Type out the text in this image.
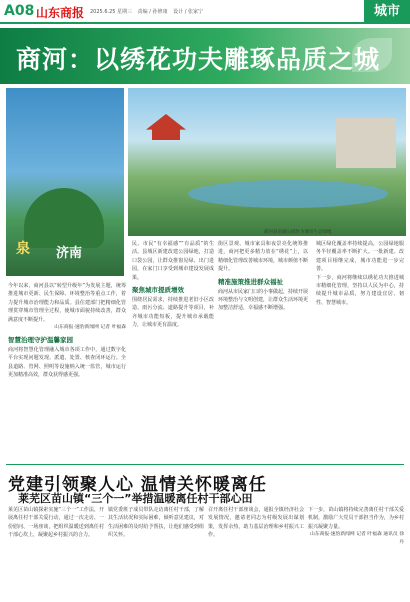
A08 山东商报 2025.6.25 星期三 责编 / 孙修康 设计 / 张家宁	城市
商河：以绣花功夫雕琢品质之城
泉 济南
商河县南湖公园作为城市生态绿地

今年以来，商河县以“转型升级年”为发展主题，统筹推进城市更新、民生保障、环境整治等重点工作，着力提升城市治理能力和品质。县住建部门把精细化管理贯穿城市管理全过程，使城市面貌持续改善，群众满意度不断提升。

山东商报·速豹新闻网 记者 叶福森

智慧治理守护温馨家园

商河将智慧化管理融入城市各项工作中，通过数字化平台实现问题发现、派遣、处置、核查闭环运行。全县道路、管网、照明等设施纳入统一监管，城市运行更加精准高效，群众获得感更强。

民、市民“有幸福感”“有品质”的生活。县城区新建改建公园绿地，打造口袋公园，让群众推窗见绿、出门进园，在家门口享受到城市建设发展成果。

聚焦城市提质增效

围绕居民需求，持续推进老旧小区改造、雨污分流、道路提升等项目，补齐城市功能短板，提升城市承载能力，让城市更有温度。

街区景观、城市家具和夜景亮化统筹推进，商河把更多精力放在“绣花”上，以精细化管理改善城市环境，城市颜值不断提升。

精准施策推进群众福祉

商河从市民家门口的小事做起，持续开展环境整治与文明创建，让群众生活环境更加整洁舒适，幸福感不断增强。

城区绿化覆盖率持续提高，公园绿地服务半径覆盖率不断扩大。一批新建、改建项目相继完成，城市功能进一步完善。

下一步，商河将继续以绣花功夫推进城市精细化管理，坚持以人民为中心，持续提升城市品质，努力建设宜居、韧性、智慧城市。

党建引领聚人心 温情关怀暖离任
莱芜区苗山镇“三个一”举措温暖离任村干部心田

莱芜区苗山镇探索实施“三个一”工作法，开展离任村干部关爱行动，通过一次走访、一份慰问、一场座谈，把组织温暖送到离任村干部心坎上，凝聚起乡村振兴的合力。

镇党委班子成员带队走访离任村干部，了解其生活状况和实际困难，倾听意见建议，对生活困难的及时给予帮扶，让他们感受到组织关怀。

召开离任村干部座谈会，通报全镇经济社会发展情况，邀请老同志为村级发展出谋划策，发挥余热，助力基层治理和乡村振兴工作。

下一步，苗山镇将持续完善离任村干部关爱机制，激励广大党员干部担当作为，为乡村振兴凝聚力量。

山东商报·速豹新闻网 记者 叶福森 通讯员 徐丹
